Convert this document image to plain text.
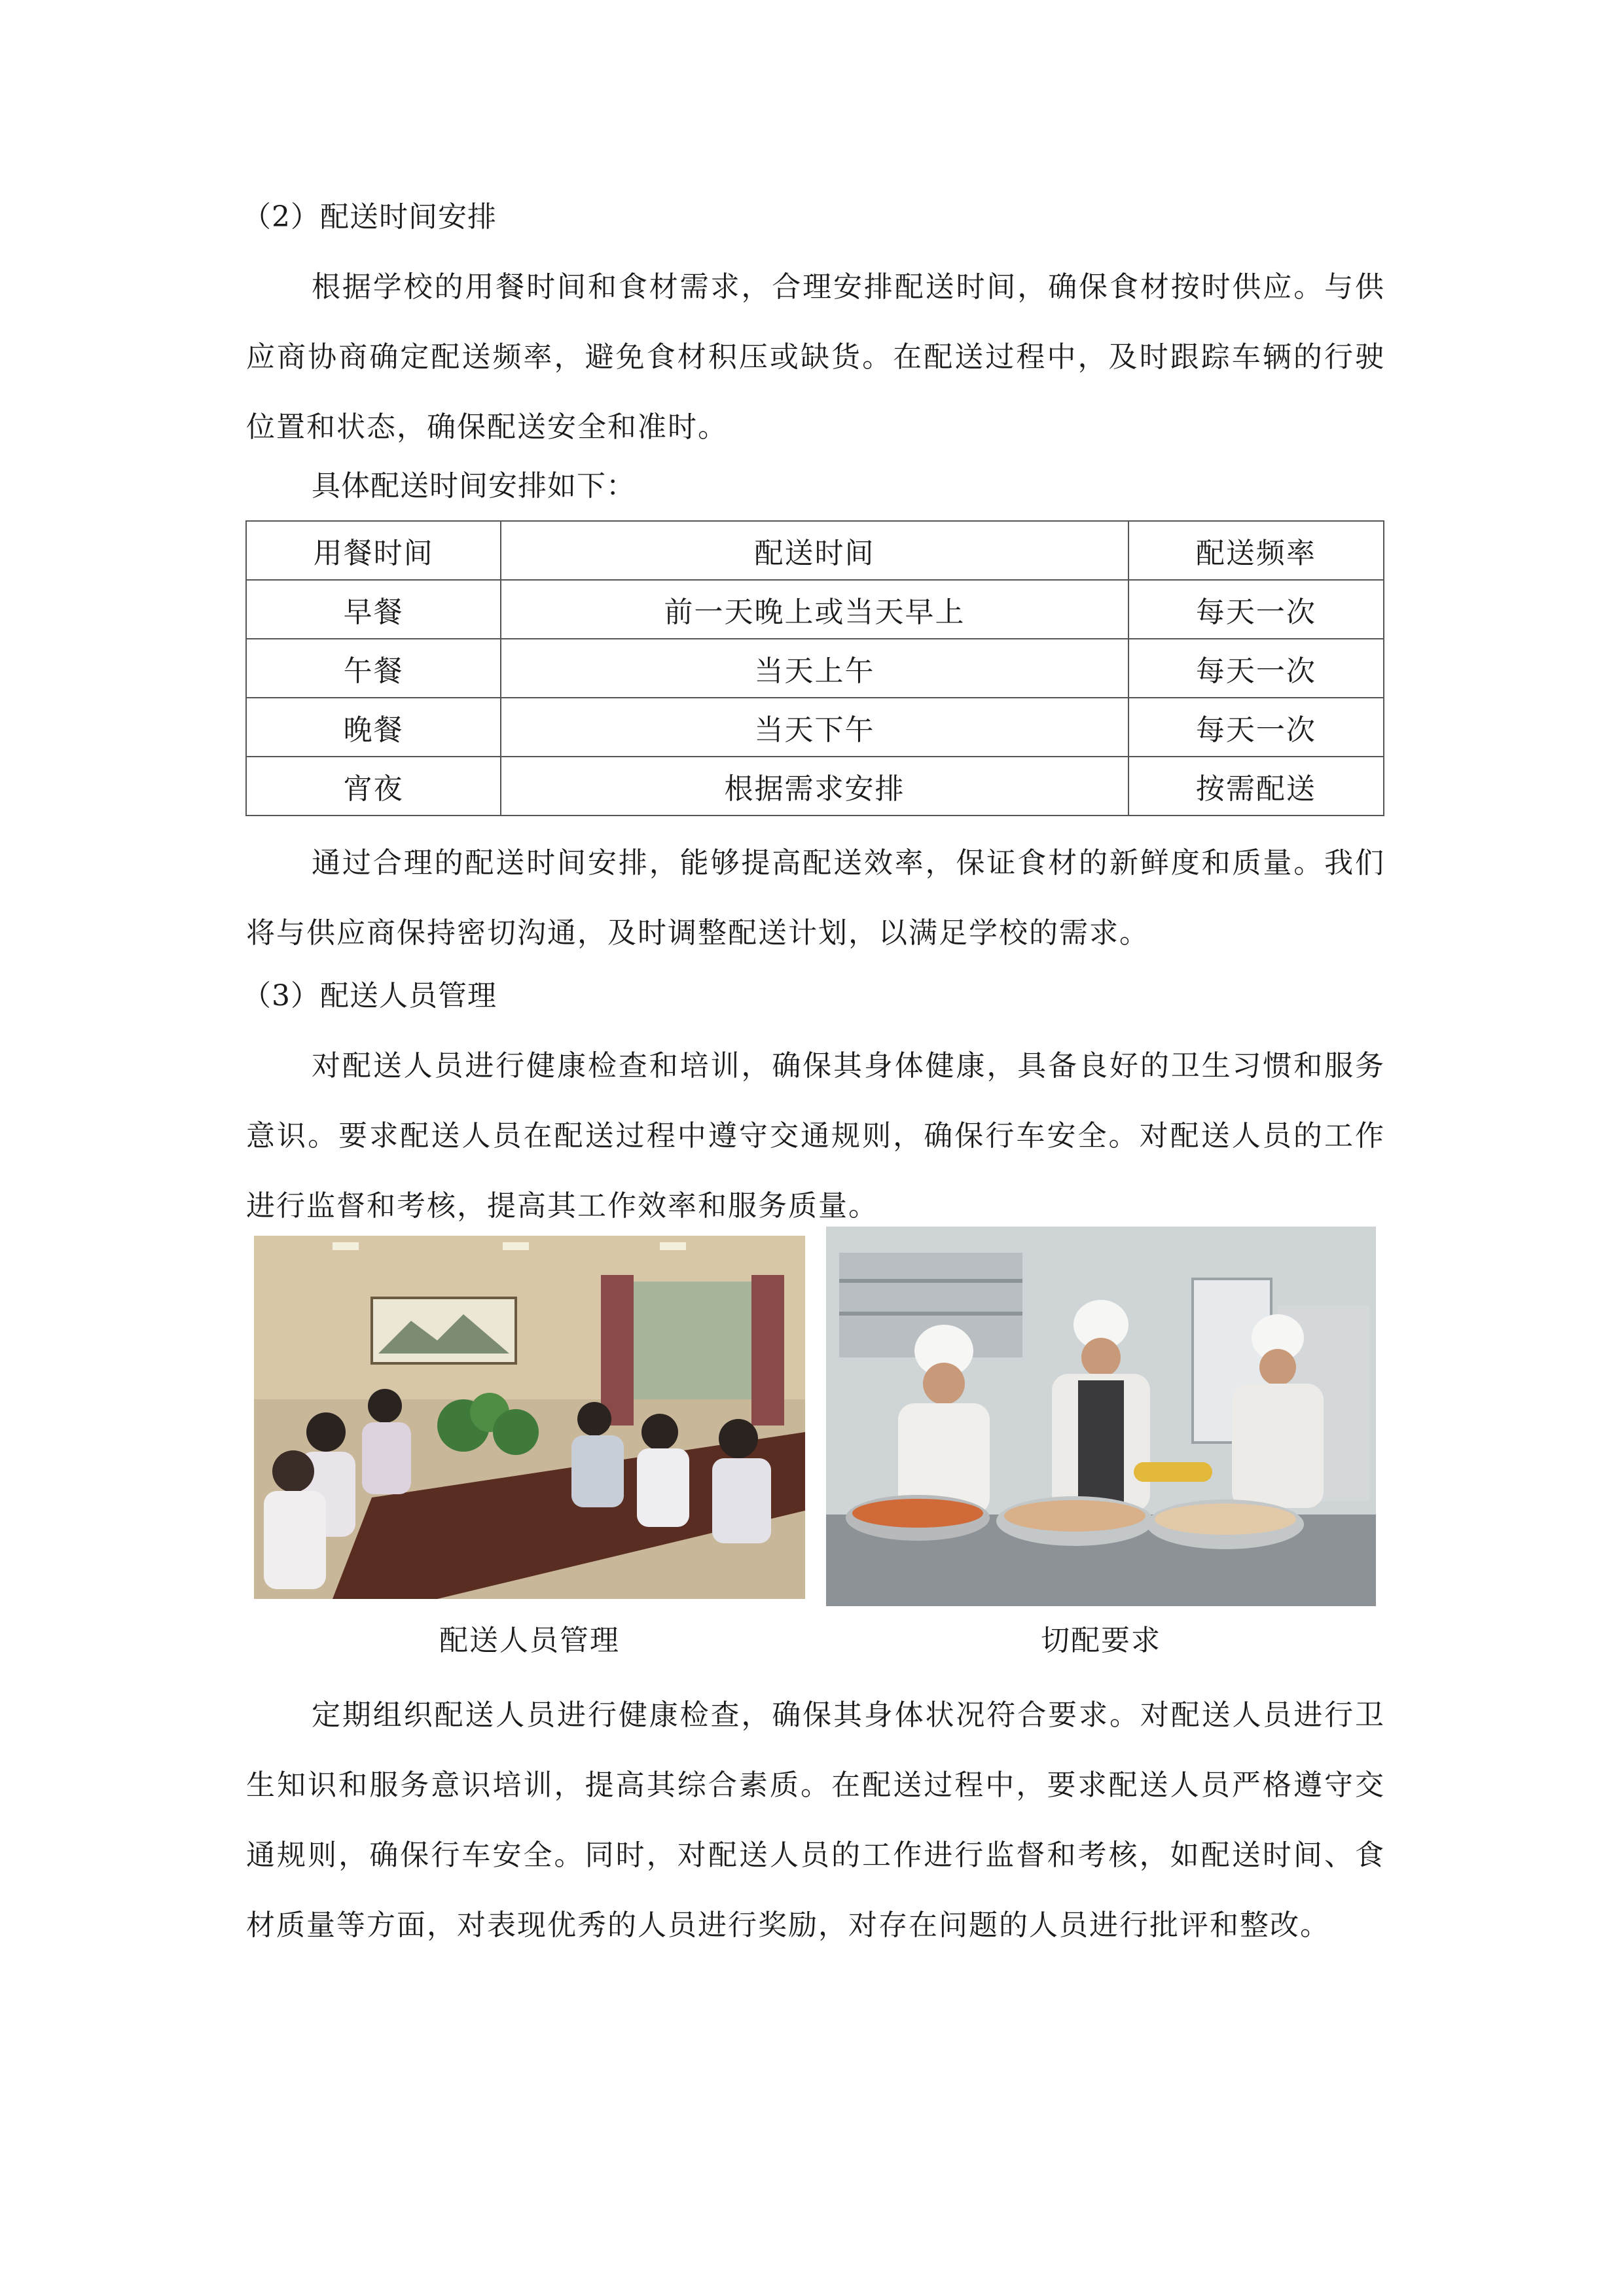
（2）配送时间安排
根据学校的用餐时间和食材需求，合理安排配送时间，确保食材按时供应。与供应商协商确定配送频率，避免食材积压或缺货。在配送过程中，及时跟踪车辆的行驶位置和状态，确保配送安全和准时。
具体配送时间安排如下：
用餐时间	配送时间	配送频率
早餐	前一天晚上或当天早上	每天一次
午餐	当天上午	每天一次
晚餐	当天下午	每天一次
宵夜	根据需求安排	按需配送
通过合理的配送时间安排，能够提高配送效率，保证食材的新鲜度和质量。我们将与供应商保持密切沟通，及时调整配送计划，以满足学校的需求。
（3）配送人员管理
对配送人员进行健康检查和培训，确保其身体健康，具备良好的卫生习惯和服务意识。要求配送人员在配送过程中遵守交通规则，确保行车安全。对配送人员的工作进行监督和考核，提高其工作效率和服务质量。
配送人员管理	切配要求
定期组织配送人员进行健康检查，确保其身体状况符合要求。对配送人员进行卫生知识和服务意识培训，提高其综合素质。在配送过程中，要求配送人员严格遵守交通规则，确保行车安全。同时，对配送人员的工作进行监督和考核，如配送时间、食材质量等方面，对表现优秀的人员进行奖励，对存在问题的人员进行批评和整改。
